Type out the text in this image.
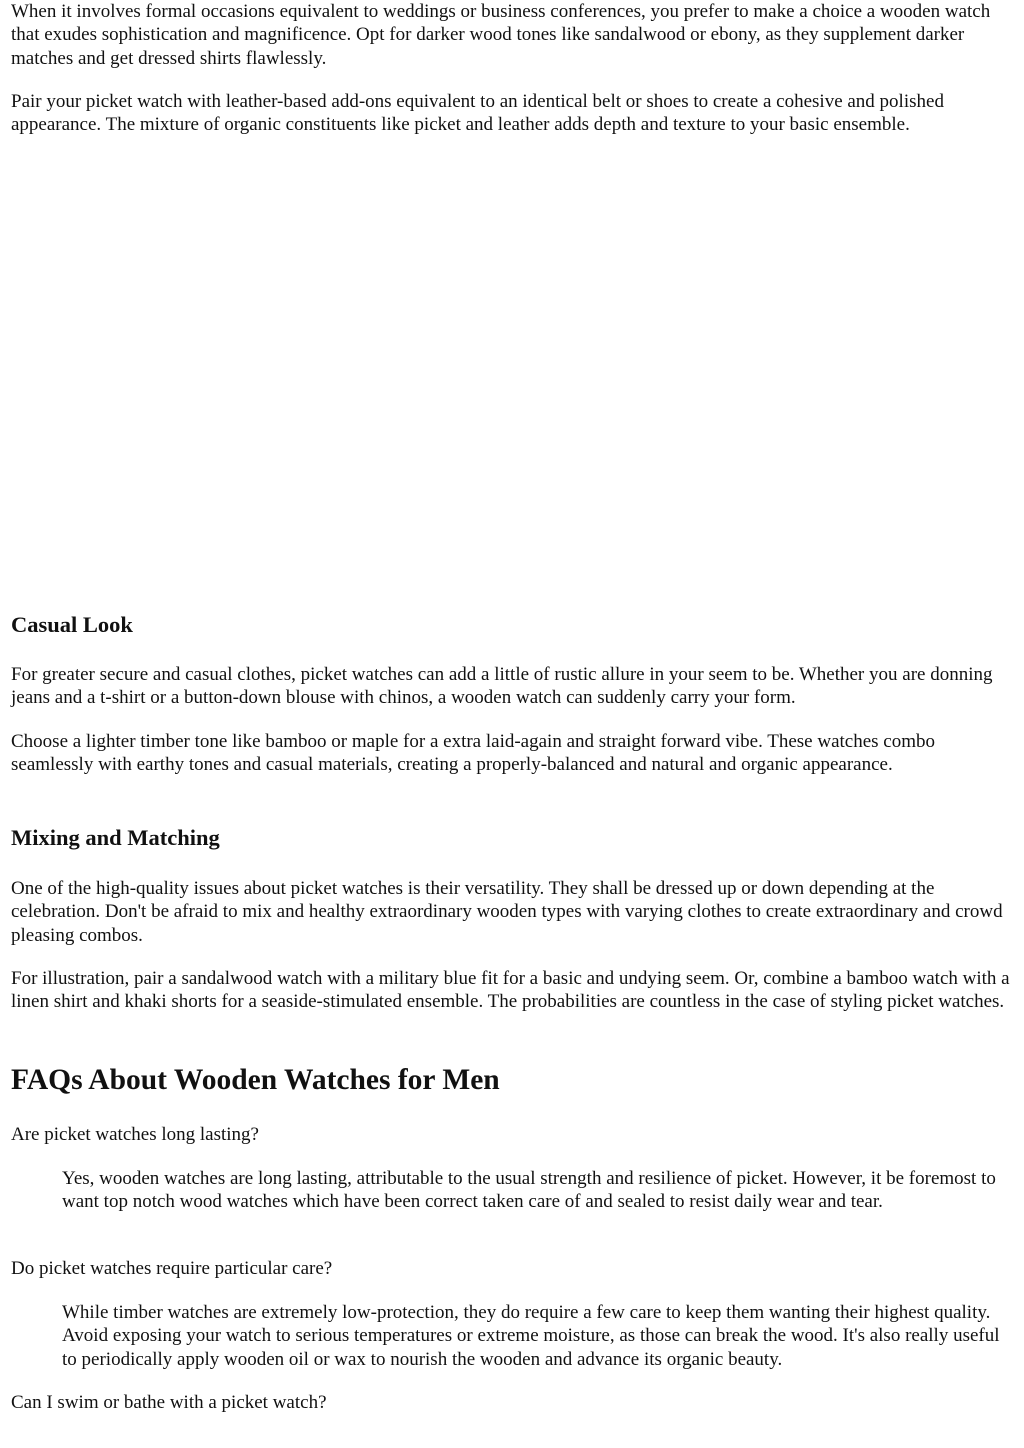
When it involves formal occasions equivalent to weddings or business conferences, you prefer to make a choice a wooden watch that exudes sophistication and magnificence. Opt for darker wood tones like sandalwood or ebony, as they supplement darker matches and get dressed shirts flawlessly.

Pair your picket watch with leather-based add-ons equivalent to an identical belt or shoes to create a cohesive and polished appearance. The mixture of organic constituents like picket and leather adds depth and texture to your basic ensemble.

Casual Look

For greater secure and casual clothes, picket watches can add a little of rustic allure in your seem to be. Whether you are donning jeans and a t-shirt or a button-down blouse with chinos, a wooden watch can suddenly carry your form.

Choose a lighter timber tone like bamboo or maple for a extra laid-again and straight forward vibe. These watches combo seamlessly with earthy tones and casual materials, creating a properly-balanced and natural and organic appearance.

Mixing and Matching

One of the high-quality issues about picket watches is their versatility. They shall be dressed up or down depending at the celebration. Don't be afraid to mix and healthy extraordinary wooden types with varying clothes to create extraordinary and crowd pleasing combos.

For illustration, pair a sandalwood watch with a military blue fit for a basic and undying seem. Or, combine a bamboo watch with a linen shirt and khaki shorts for a seaside-stimulated ensemble. The probabilities are countless in the case of styling picket watches.

FAQs About Wooden Watches for Men

Are picket watches long lasting?

Yes, wooden watches are long lasting, attributable to the usual strength and resilience of picket. However, it be foremost to want top notch wood watches which have been correct taken care of and sealed to resist daily wear and tear.

Do picket watches require particular care?

While timber watches are extremely low-protection, they do require a few care to keep them wanting their highest quality. Avoid exposing your watch to serious temperatures or extreme moisture, as those can break the wood. It's also really useful to periodically apply wooden oil or wax to nourish the wooden and advance its organic beauty.

Can I swim or bathe with a picket watch?
